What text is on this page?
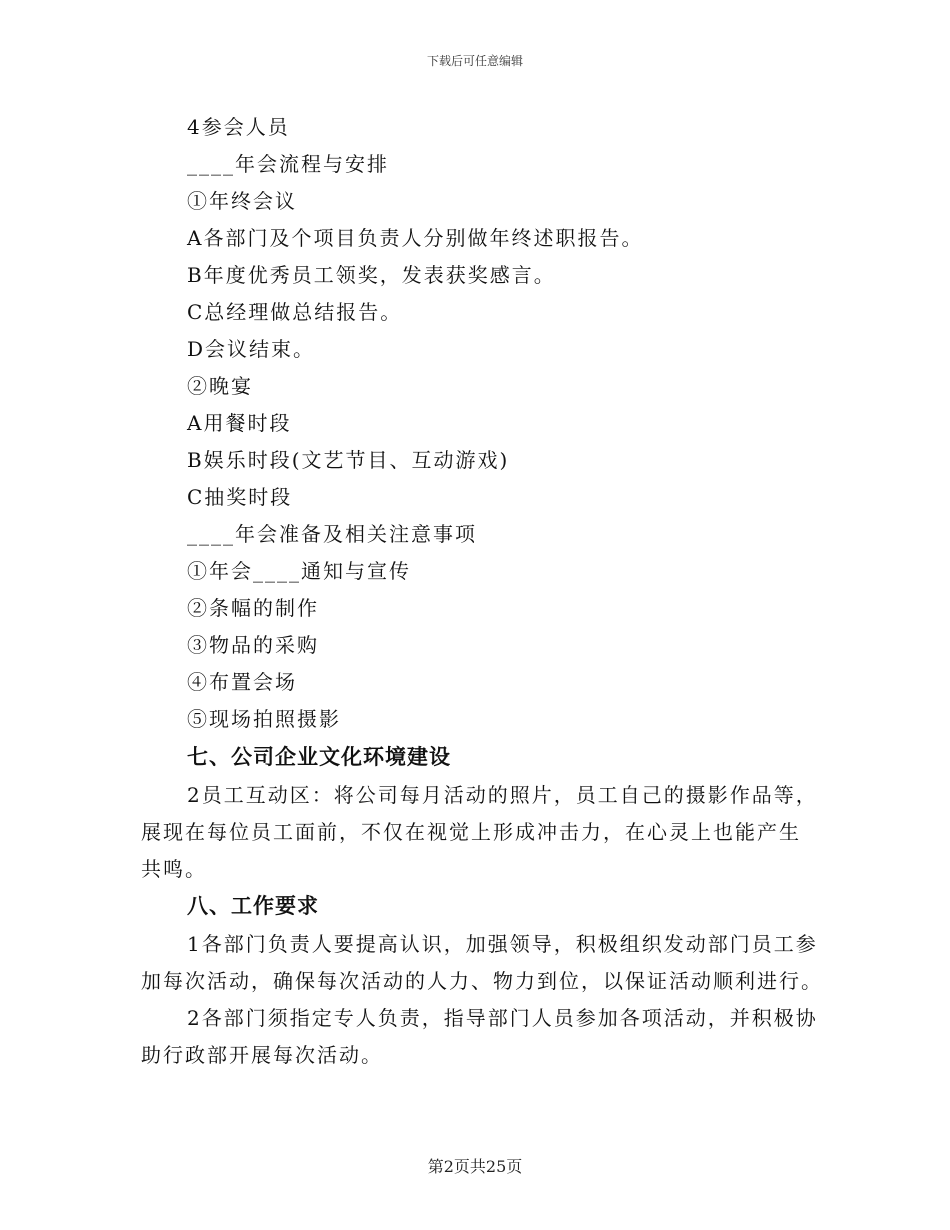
下载后可任意编辑
4参会人员
____年会流程与安排
①年终会议
A各部门及个项目负责人分别做年终述职报告。
B年度优秀员工领奖，发表获奖感言。
C总经理做总结报告。
D会议结束。
②晚宴
A用餐时段
B娱乐时段(文艺节目、互动游戏)
C抽奖时段
____年会准备及相关注意事项
①年会____通知与宣传
②条幅的制作
③物品的采购
④布置会场
⑤现场拍照摄影
七、公司企业文化环境建设
2员工互动区：将公司每月活动的照片，员工自己的摄影作品等，
展现在每位员工面前，不仅在视觉上形成冲击力，在心灵上也能产生
共鸣。
八、工作要求
1各部门负责人要提高认识，加强领导，积极组织发动部门员工参
加每次活动，确保每次活动的人力、物力到位，以保证活动顺利进行。
2各部门须指定专人负责，指导部门人员参加各项活动，并积极协
助行政部开展每次活动。
第2页共25页
